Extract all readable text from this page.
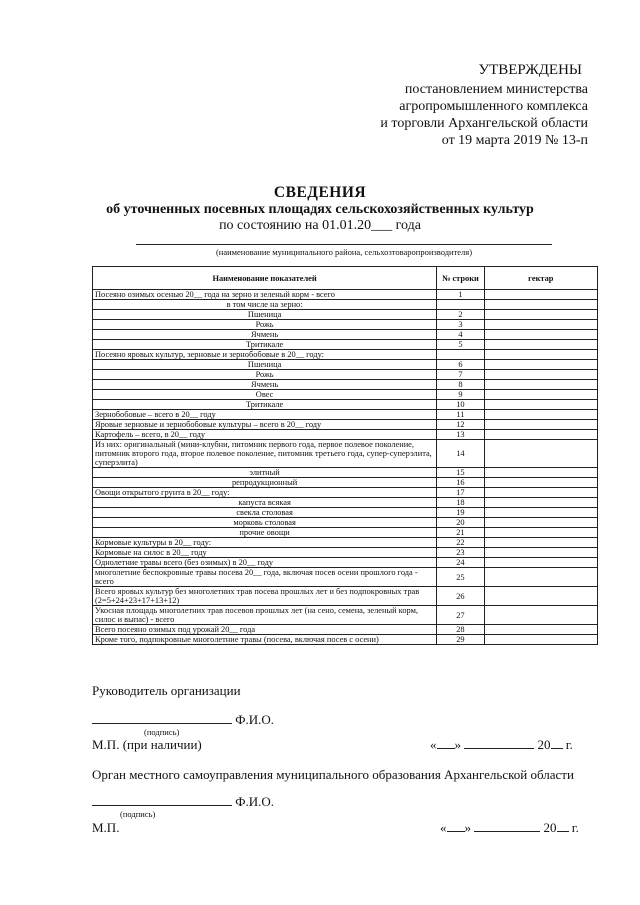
УТВЕРЖДЕНЫ
постановлением министерства
агропромышленного комплекса
и торговли Архангельской области
от 19 марта 2019 № 13-п
СВЕДЕНИЯ
об уточненных посевных площадях сельскохозяйственных культур
по состоянию на 01.01.20___ года
(наименование муниципального района, сельхозтоваропроизводителя)
Наименование показателей	№ строки	гектар
Посеяно озимых осенью 20__ года на зерно и зеленый корм - всего	1	
в том числе на зерно:		
Пшеница	2	
Рожь	3	
Ячмень	4	
Тритикале	5	
Посеяно яровых культур, зерновые и зернобобовые в 20__ году:		
Пшеница	6	
Рожь	7	
Ячмень	8	
Овес	9	
Тритикале	10	
Зернобобовые – всего в 20__ году	11	
Яровые зерновые и зернобобовые культуры – всего в 20__ году	12	
Картофель – всего, в 20__ году	13	
Из них: оригинальный (мини-клубни, питомник первого года, первое полевое поколение, питомник второго года, второе полевое поколение, питомник третьего года, супер-суперэлита, суперэлита)	14	
элитный	15	
репродукционный	16	
Овощи открытого грунта в 20__ году:	17	
капуста всякая	18	
свекла столовая	19	
морковь столовая	20	
прочие овощи	21	
Кормовые культуры в 20__ году:	22	
Кормовые на силос в 20__ году	23	
Однолетние травы всего (без озимых) в 20__ году	24	
многолетние беспокровные травы посева 20__ года, включая посев осени прошлого года - всего	25	
Всего яровых культур без многолетних трав посева прошлых лет и без подпокровных трав (2=5+24+23+17+13+12)	26	
Укосная площадь многолетних трав посевов прошлых лет (на сено, семена, зеленый корм, силос и выпас) - всего	27	
Всего посеяно озимых под урожай 20__ года	28	
Кроме того, подпокровные многолетние травы (посева, включая посев с осени)	29	
Руководитель организации
Ф.И.О.
(подпись)
М.П. (при наличии)	« »	20 г.
Орган местного самоуправления муниципального образования Архангельской области
Ф.И.О.
(подпись)
М.П.	« »	20 г.
